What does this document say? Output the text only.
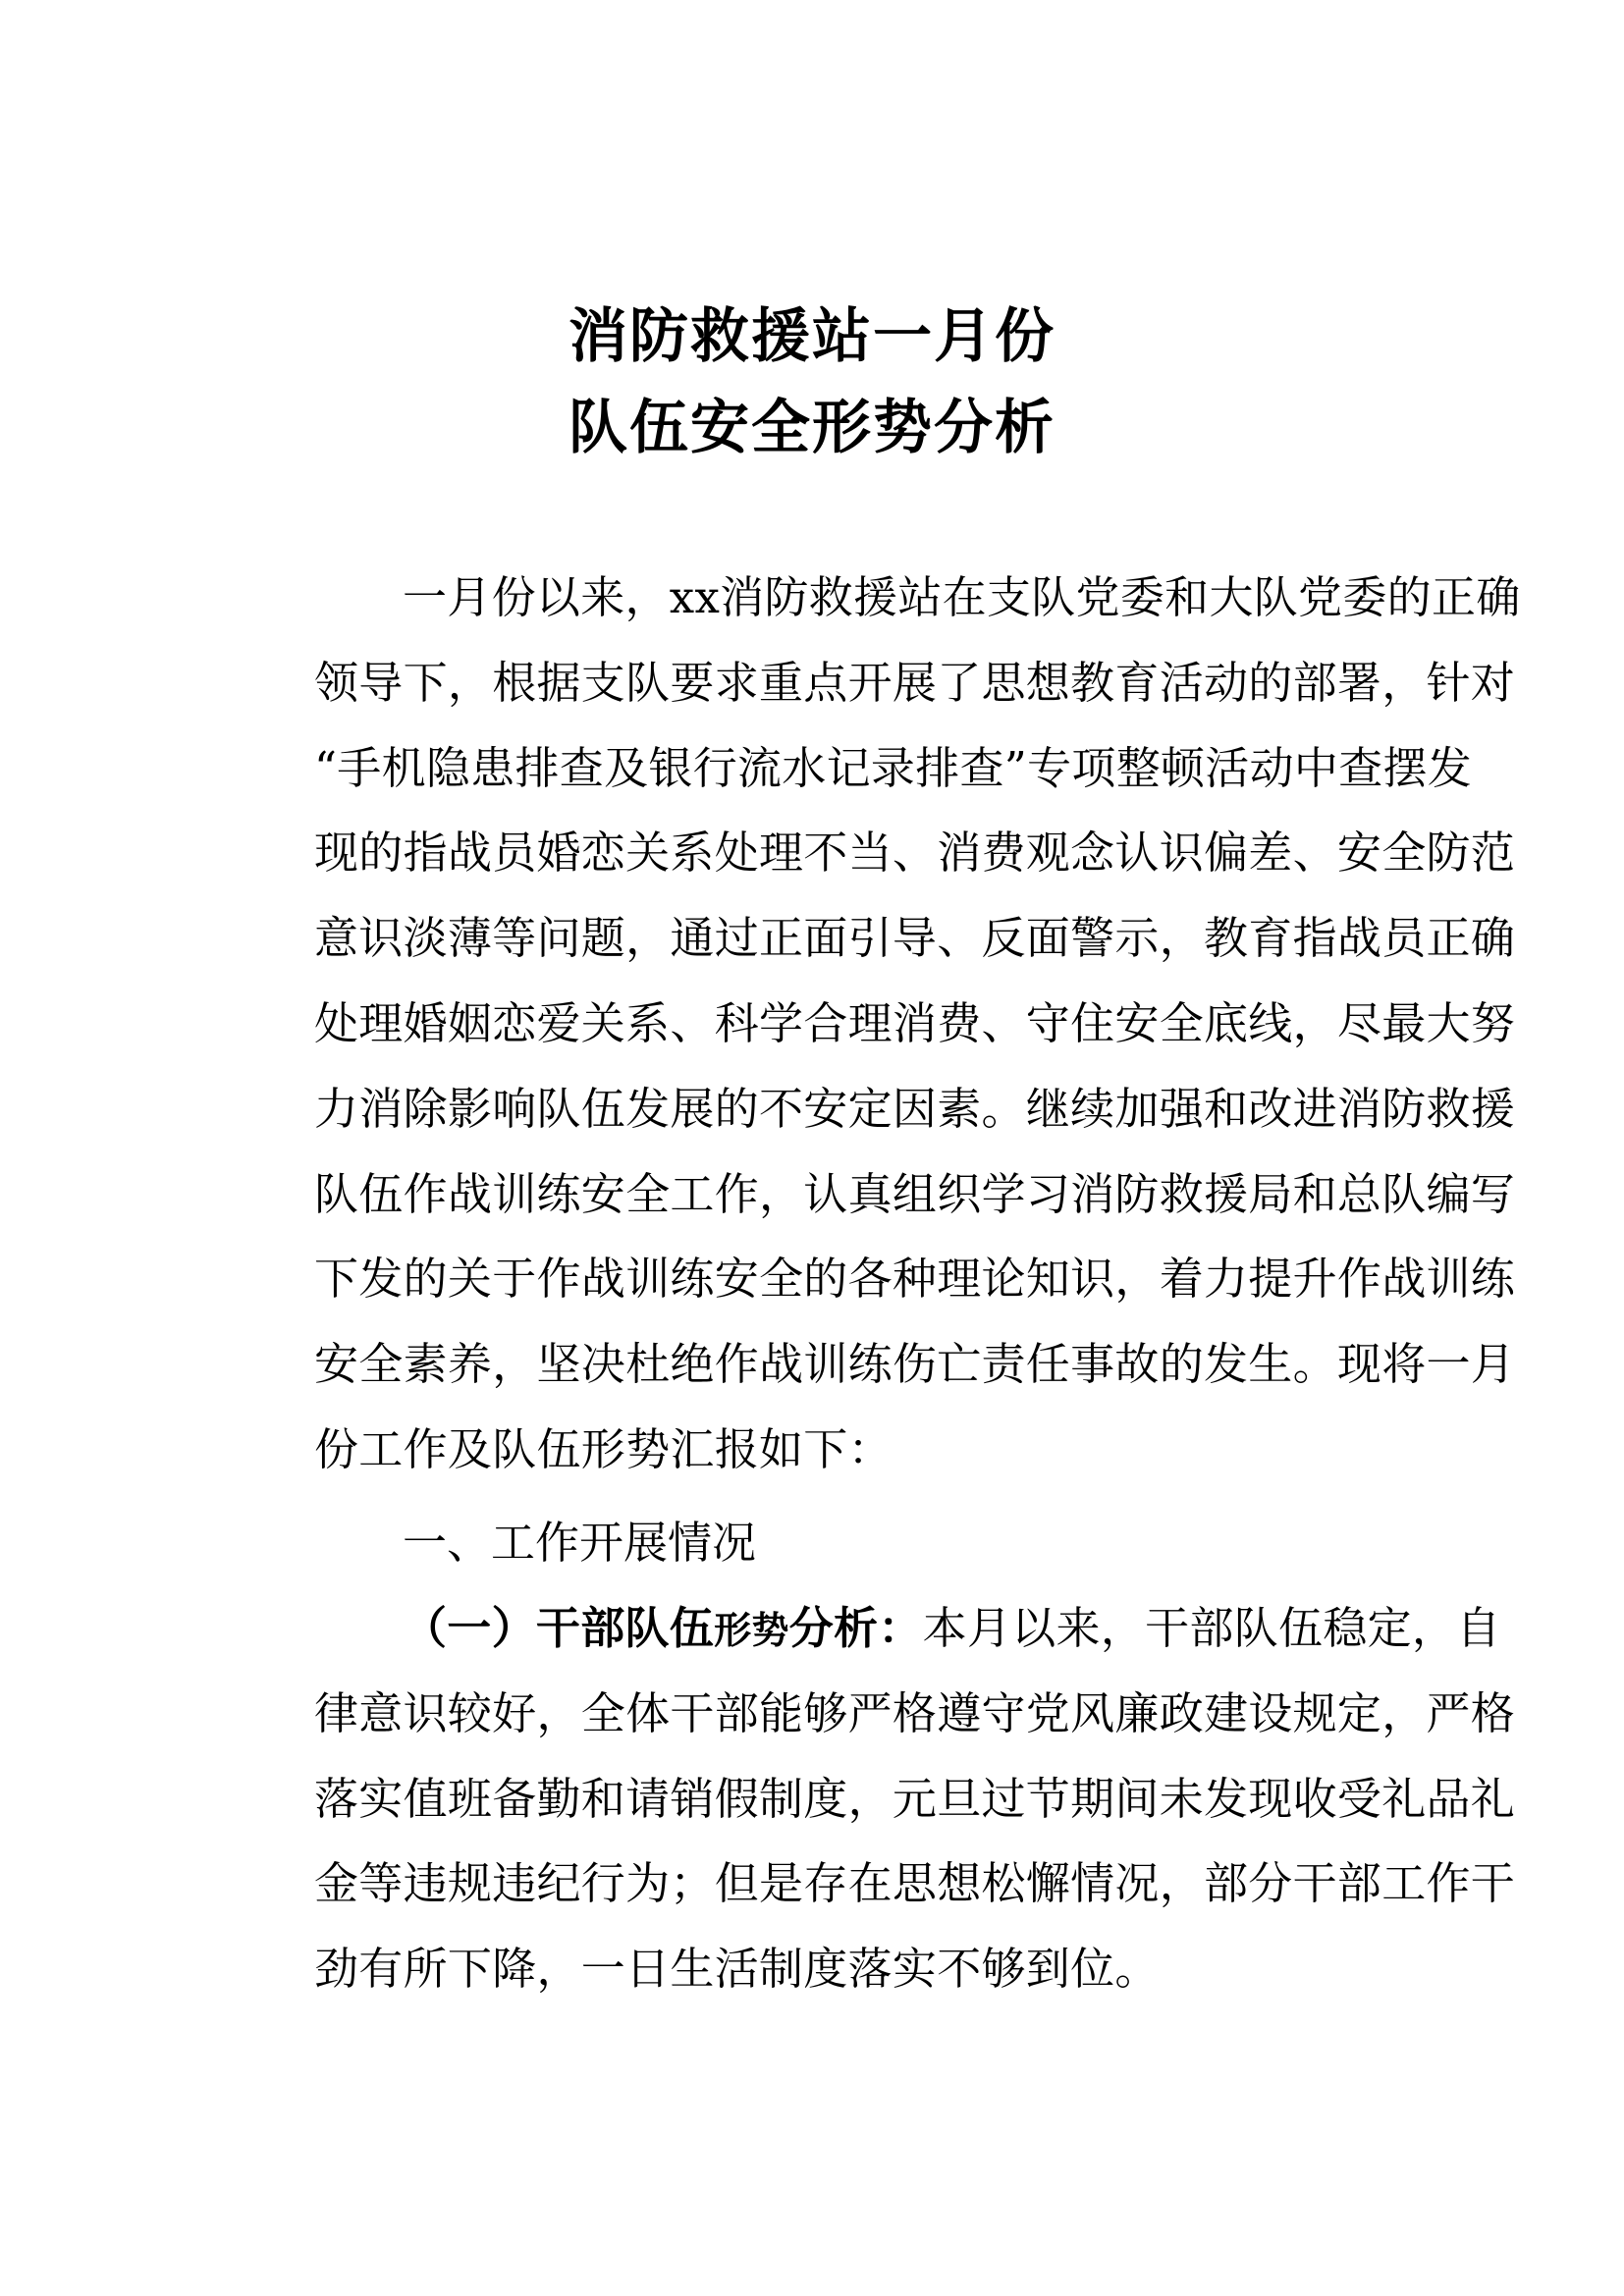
消防救援站一月份
队伍安全形势分析
一月份以来，xx消防救援站在支队党委和大队党委的正确
领导下，根据支队要求重点开展了思想教育活动的部署，针对
“手机隐患排查及银行流水记录排查”专项整顿活动中查摆发
现的指战员婚恋关系处理不当、消费观念认识偏差、安全防范
意识淡薄等问题，通过正面引导、反面警示，教育指战员正确
处理婚姻恋爱关系、科学合理消费、守住安全底线，尽最大努
力消除影响队伍发展的不安定因素。继续加强和改进消防救援
队伍作战训练安全工作，认真组织学习消防救援局和总队编写
下发的关于作战训练安全的各种理论知识，着力提升作战训练
安全素养，坚决杜绝作战训练伤亡责任事故的发生。现将一月
份工作及队伍形势汇报如下：
一、工作开展情况
（一）干部队伍形势分析：本月以来，干部队伍稳定，自
律意识较好，全体干部能够严格遵守党风廉政建设规定，严格
落实值班备勤和请销假制度，元旦过节期间未发现收受礼品礼
金等违规违纪行为；但是存在思想松懈情况，部分干部工作干
劲有所下降，一日生活制度落实不够到位。
